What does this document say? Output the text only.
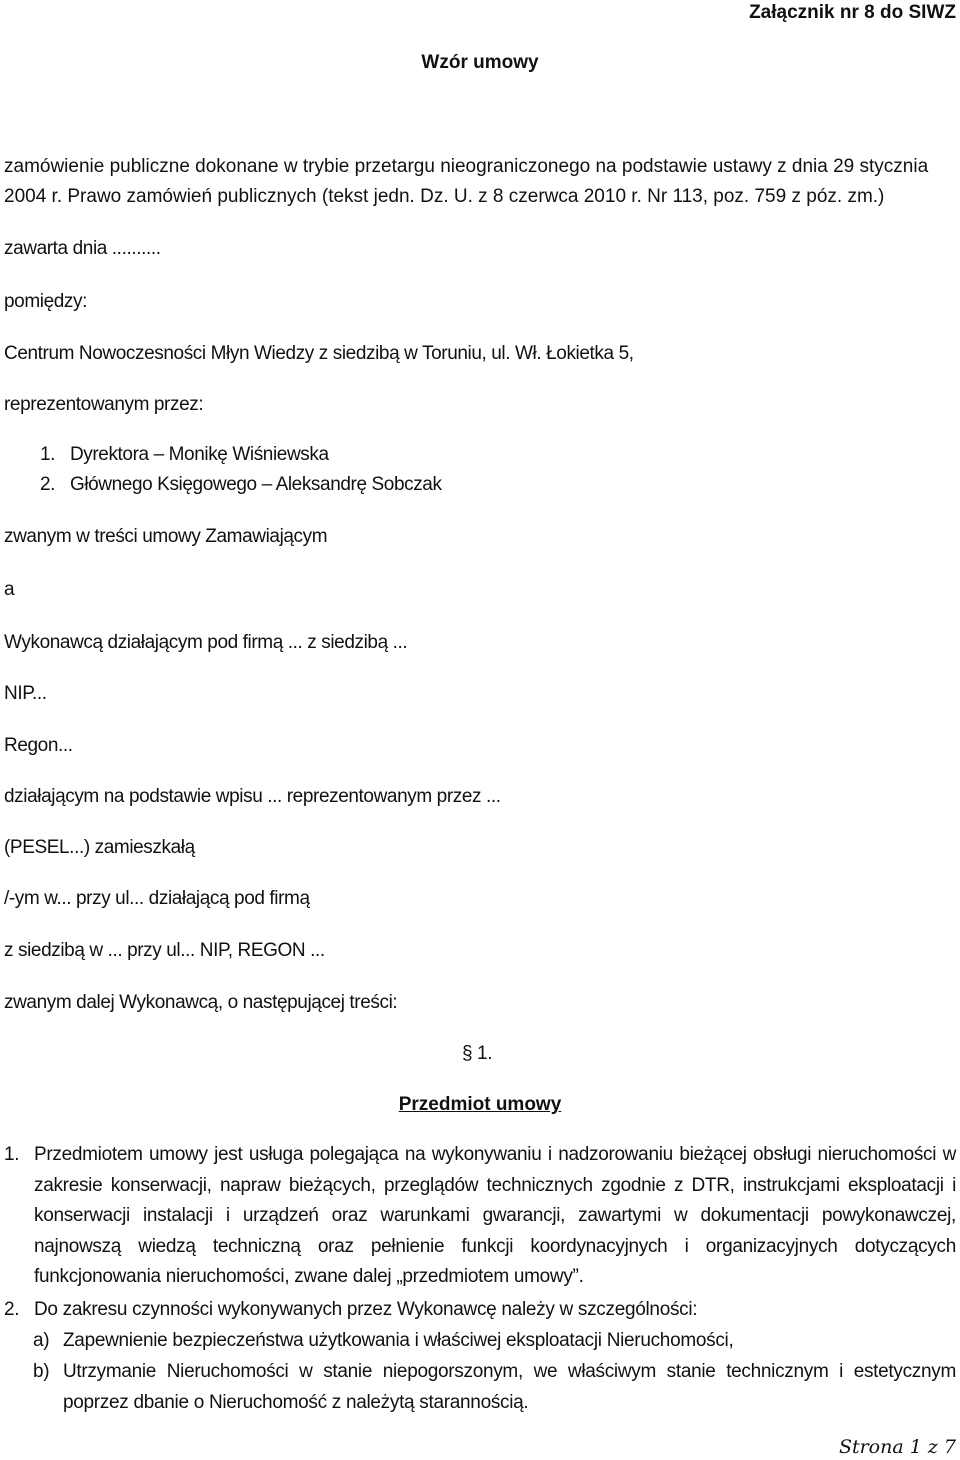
Załącznik nr 8 do SIWZ
Wzór umowy
zamówienie publiczne dokonane w trybie przetargu nieograniczonego na podstawie ustawy z dnia 29 stycznia 2004 r. Prawo zamówień publicznych (tekst jedn. Dz. U. z 8 czerwca 2010 r. Nr 113, poz. 759 z póz. zm.)
zawarta dnia ..........
pomiędzy:
Centrum Nowoczesności Młyn Wiedzy z siedzibą w Toruniu, ul. Wł. Łokietka 5,
reprezentowanym przez:
1. Dyrektora – Monikę Wiśniewska
2. Głównego Księgowego – Aleksandrę Sobczak
zwanym w treści umowy Zamawiającym
a
Wykonawcą działającym pod firmą ... z siedzibą ...
NIP...
Regon...
działającym na podstawie wpisu ... reprezentowanym przez ...
(PESEL...) zamieszkałą
/-ym w... przy ul... działającą pod firmą
z siedzibą w ... przy ul... NIP, REGON ...
zwanym dalej Wykonawcą, o następującej treści:
§ 1.
Przedmiot umowy
1. Przedmiotem umowy jest usługa polegająca na wykonywaniu i nadzorowaniu bieżącej obsługi nieruchomości w zakresie konserwacji, napraw bieżących, przeglądów technicznych zgodnie z DTR, instrukcjami eksploatacji i konserwacji instalacji i urządzeń oraz warunkami gwarancji, zawartymi w dokumentacji powykonawczej, najnowszą wiedzą techniczną oraz pełnienie funkcji koordynacyjnych i organizacyjnych dotyczących funkcjonowania nieruchomości, zwane dalej „przedmiotem umowy”.
2. Do zakresu czynności wykonywanych przez Wykonawcę należy w szczególności:
a) Zapewnienie bezpieczeństwa użytkowania i właściwej eksploatacji Nieruchomości,
b) Utrzymanie Nieruchomości w stanie niepogorszonym, we właściwym stanie technicznym i estetycznym poprzez dbanie o Nieruchomość z należytą starannością.
Strona 1 z 7
